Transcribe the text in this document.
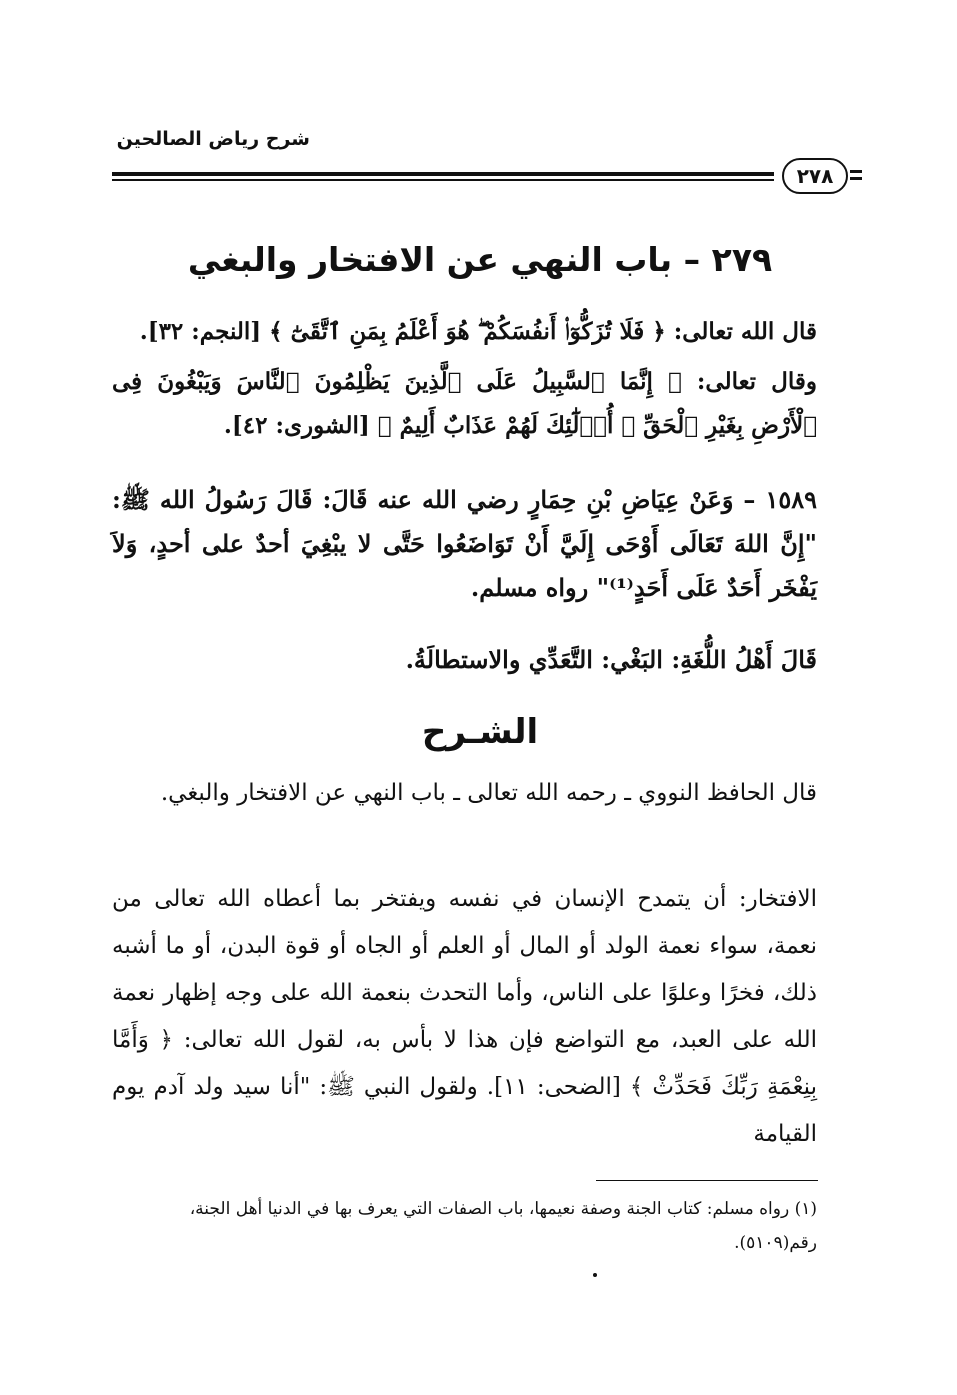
شرح رياض الصالحين
٢٧٨
٢٧٩ – باب النهي عن الافتخار والبغي
قال الله تعالى: ﴿ فَلَا تُزَكُّوٓا۟ أَنفُسَكُمْ ۖ هُوَ أَعْلَمُ بِمَنِ ٱتَّقَىٰٓ ﴾ [النجم: ٣٢].
وقال تعالى: ﴿ إِنَّمَا ٱلسَّبِيلُ عَلَى ٱلَّذِينَ يَظْلِمُونَ ٱلنَّاسَ وَيَبْغُونَ فِى ٱلْأَرْضِ بِغَيْرِ ٱلْحَقِّ ۚ أُو۟لَٰٓئِكَ لَهُمْ عَذَابٌ أَلِيمٌ ﴾ [الشورى: ٤٢].
١٥٨٩ – وَعَنْ عِيَاضِ بْنِ حِمَارٍ رضي الله عنه قَالَ: قَالَ رَسُولُ الله ﷺ: "إِنَّ اللهَ تَعَالَى أَوْحَى إِلَيَّ أَنْ تَوَاضَعُوا حَتَّى لا يبْغِيَ أحدٌ على أحدٍ، وَلاَ يَفْخَر أَحَدٌ عَلَى أَحَدٍ⁽¹⁾" رواه مسلم.
قَالَ أَهْلُ اللُّغَةِ: البَغْي: التَّعَدِّي والاستطالَةُ.
الشـرح
قال الحافظ النووي ـ رحمه الله تعالى ـ باب النهي عن الافتخار والبغي.
الافتخار: أن يتمدح الإنسان في نفسه ويفتخر بما أعطاه الله تعالى من نعمة، سواء نعمة الولد أو المال أو العلم أو الجاه أو قوة البدن، أو ما أشبه ذلك، فخرًا وعلوًا على الناس، وأما التحدث بنعمة الله على وجه إظهار نعمة الله على العبد، مع التواضع فإن هذا لا بأس به، لقول الله تعالى: ﴿ وَأَمَّا بِنِعْمَةِ رَبِّكَ فَحَدِّثْ ﴾ [الضحى: ١١]. ولقول النبي ﷺ: "أنا سيد ولد آدم يوم القيامة
(١) رواه مسلم: كتاب الجنة وصفة نعيمها، باب الصفات التي يعرف بها في الدنيا أهل الجنة، رقم(٥١٠٩).
